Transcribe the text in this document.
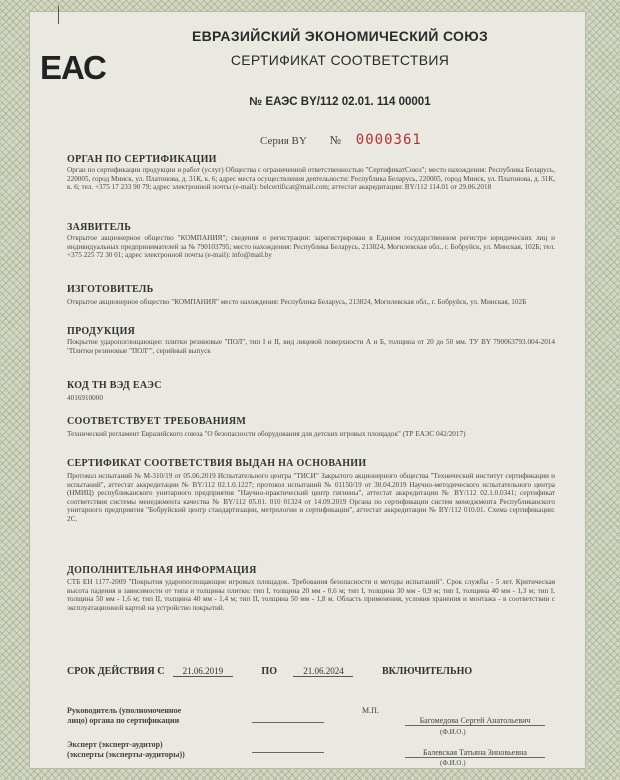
ЕАС
ЕВРАЗИЙСКИЙ ЭКОНОМИЧЕСКИЙ СОЮЗ
СЕРТИФИКАТ СООТВЕТСТВИЯ
№ ЕАЭС BY/112 02.01. 114 00001
Серия BY № 0000361
ОРГАН ПО СЕРТИФИКАЦИИ
Орган по сертификации продукции и работ (услуг) Общества с ограниченной ответственностью "СертификатСоюз"; место нахождения: Республика Беларусь, 220005, город Минск, ул. Платонова, д. 31К, к. 6; адрес места осуществления деятельности: Республика Беларусь, 220005, город Минск, ул. Платонова, д. 31К, к. 6; тел. +375 17 233 90 79; адрес электронной почты (e-mail): belcertificat@mail.com; аттестат аккредитации: BY/112 114.01 от 29.06.2018
ЗАЯВИТЕЛЬ
Открытое акционерное общество "КОМПАНИЯ"; сведения о регистрации: зарегистрирован в Едином государственном регистре юридических лиц и индивидуальных предпринимателей за № 790103795; место нахождения: Республика Беларусь, 213824, Могилевская обл., г. Бобруйск, ул. Минская, 102Б; тел. +375 225 72 30 01; адрес электронной почты (e-mail): info@mail.by
ИЗГОТОВИТЕЛЬ
Открытое акционерное общество "КОМПАНИЯ" место нахождения: Республика Беларусь, 213824, Могилевская обл., г. Бобруйск, ул. Минская, 102Б
ПРОДУКЦИЯ
Покрытие ударопоглощающее: плитки резиновые "ПОЛ", тип I и II, вид лицевой поверхности А и Б, толщина от 20 до 50 мм. ТУ BY 790063793.004-2014 "Плитки резиновые "ПОЛ"", серийный выпуск
КОД ТН ВЭД ЕАЭС
4016910000
СООТВЕТСТВУЕТ ТРЕБОВАНИЯМ
Технический регламент Евразийского союза "О безопасности оборудования для детских игровых площадок" (ТР ЕАЭС 042/2017)
СЕРТИФИКАТ СООТВЕТСТВИЯ ВЫДАН НА ОСНОВАНИИ
Протокол испытаний № М-310/19 от 05.06.2019 Испытательного центра "ТИСИ" Закрытого акционерного общества "Технический институт сертификации и испытаний", аттестат аккредитации № BY/112 02.1.0.1227; протокол испытаний № 01150/19 от 30.04.2019 Научно-методического испытательного центра (НМИЦ) республиканского унитарного предприятия "Научно-практический центр гигиены", аттестат аккредитации № BY/112 02.1.0.0341; сертификат соответствия системы менеджмента качества № BY/112 05.01. 010 01324 от 14.09.2019 Органа по сертификации систем менеджмента Республиканского унитарного предприятия "Бобруйский центр стандартизации, метрологии и сертификации", аттестат аккредитации № BY/112 010.01. Схема сертификации: 2С.
ДОПОЛНИТЕЛЬНАЯ ИНФОРМАЦИЯ
СТБ ЕН 1177-2009 "Покрытия ударопоглощающие игровых площадок. Требования безопасности и методы испытаний". Срок службы - 5 лет. Критическая высота падения в зависимости от типа и толщины плитки: тип I, толщина 20 мм - 0,6 м; тип I, толщина 30 мм - 0,9 м; тип I, толщина 40 мм - 1,3 м; тип I, толщина 50 мм - 1,6 м; тип II, толщина 40 мм - 1,4 м; тип II, толщина 50 мм - 1,8 м. Область применения, условия хранения и монтажа - в соответствии с эксплуатационной картой на устройство покрытий.
СРОК ДЕЙСТВИЯ С 21.06.2019	ПО	21.06.2024	ВКЛЮЧИТЕЛЬНО
Руководитель (уполномоченное
лицо) органа по сертификации
М.П.
Багомедова Сергей Анатольевич
(Ф.И.О.)
Эксперт (эксперт-аудитор)
(эксперты (эксперты-аудиторы))	Балевская Татьяна Зиновьевна
(Ф.И.О.)
